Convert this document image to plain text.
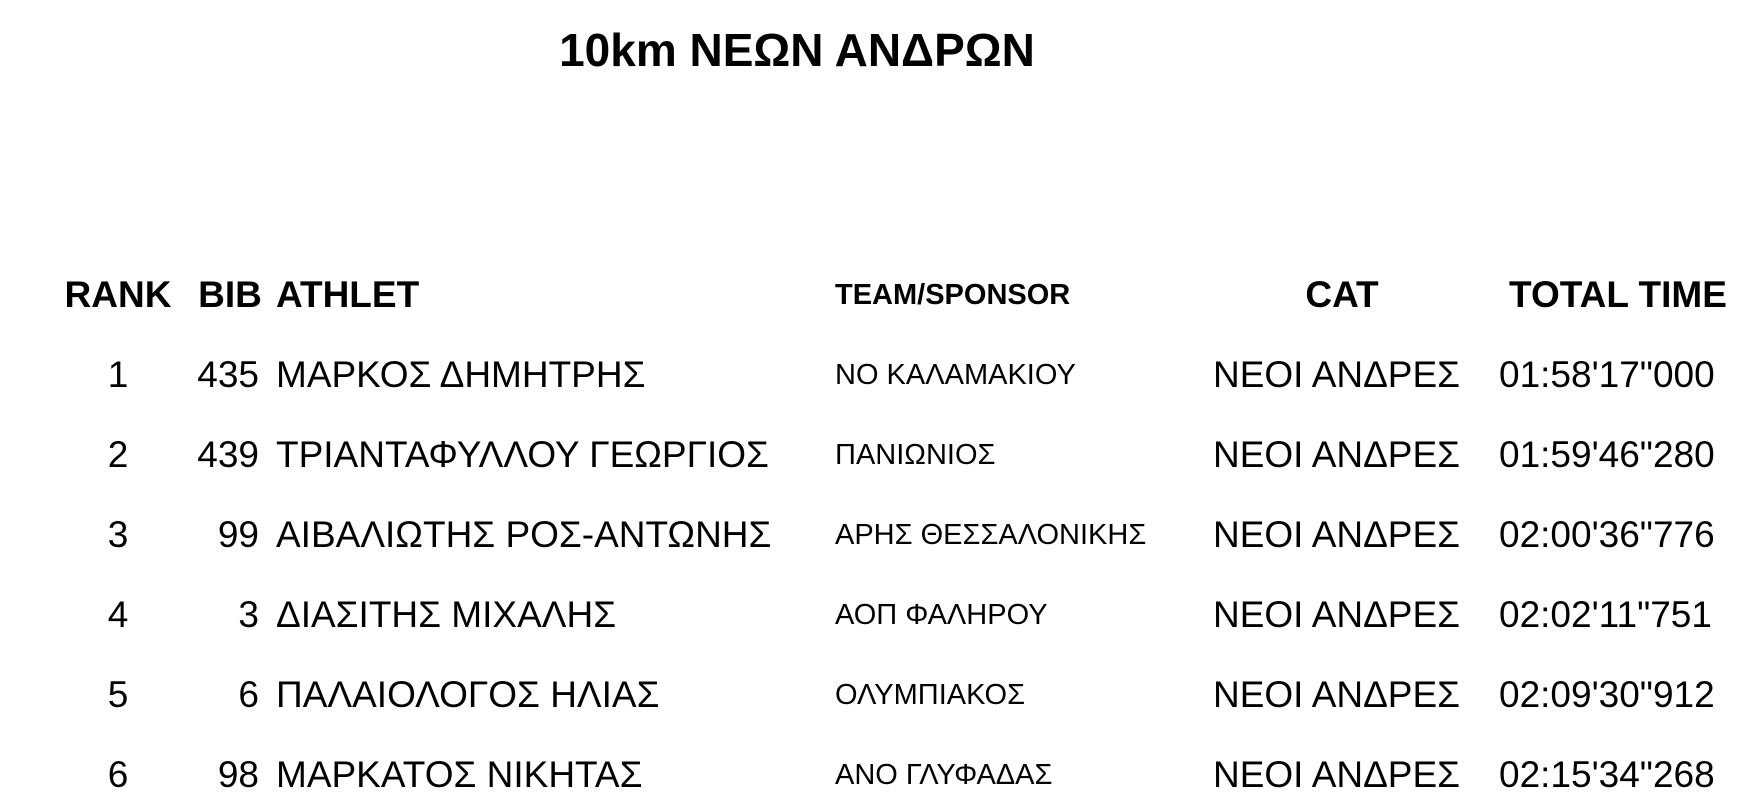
10km ΝΕΩΝ ΑΝΔΡΩΝ
RANK BIB ATHLET	TEAM/SPONSOR	CAT	TOTAL TIME
1	435 ΜΑΡΚΟΣ ΔΗΜΗΤΡΗΣ	ΝΟ ΚΑΛΑΜΑΚΙΟΥ	ΝΕΟΙ ΑΝΔΡΕΣ	01:58'17"000
2	439 ΤΡΙΑΝΤΑΦΥΛΛΟΥ ΓΕΩΡΓΙΟΣ	ΠΑΝΙΩΝΙΟΣ	ΝΕΟΙ ΑΝΔΡΕΣ	01:59'46"280
3	99 ΑΙΒΑΛΙΩΤΗΣ ΡΟΣ-ΑΝΤΩΝΗΣ	ΑΡΗΣ ΘΕΣΣΑΛΟΝΙΚΗΣ	ΝΕΟΙ ΑΝΔΡΕΣ	02:00'36"776
4	3 ΔΙΑΣΙΤΗΣ ΜΙΧΑΛΗΣ	ΑΟΠ ΦΑΛΗΡΟΥ	ΝΕΟΙ ΑΝΔΡΕΣ	02:02'11"751
5	6 ΠΑΛΑΙΟΛΟΓΟΣ ΗΛΙΑΣ	ΟΛΥΜΠΙΑΚΟΣ	ΝΕΟΙ ΑΝΔΡΕΣ	02:09'30"912
6	98 ΜΑΡΚΑΤΟΣ ΝΙΚΗΤΑΣ	ΑΝΟ ΓΛΥΦΑΔΑΣ	ΝΕΟΙ ΑΝΔΡΕΣ	02:15'34"268
